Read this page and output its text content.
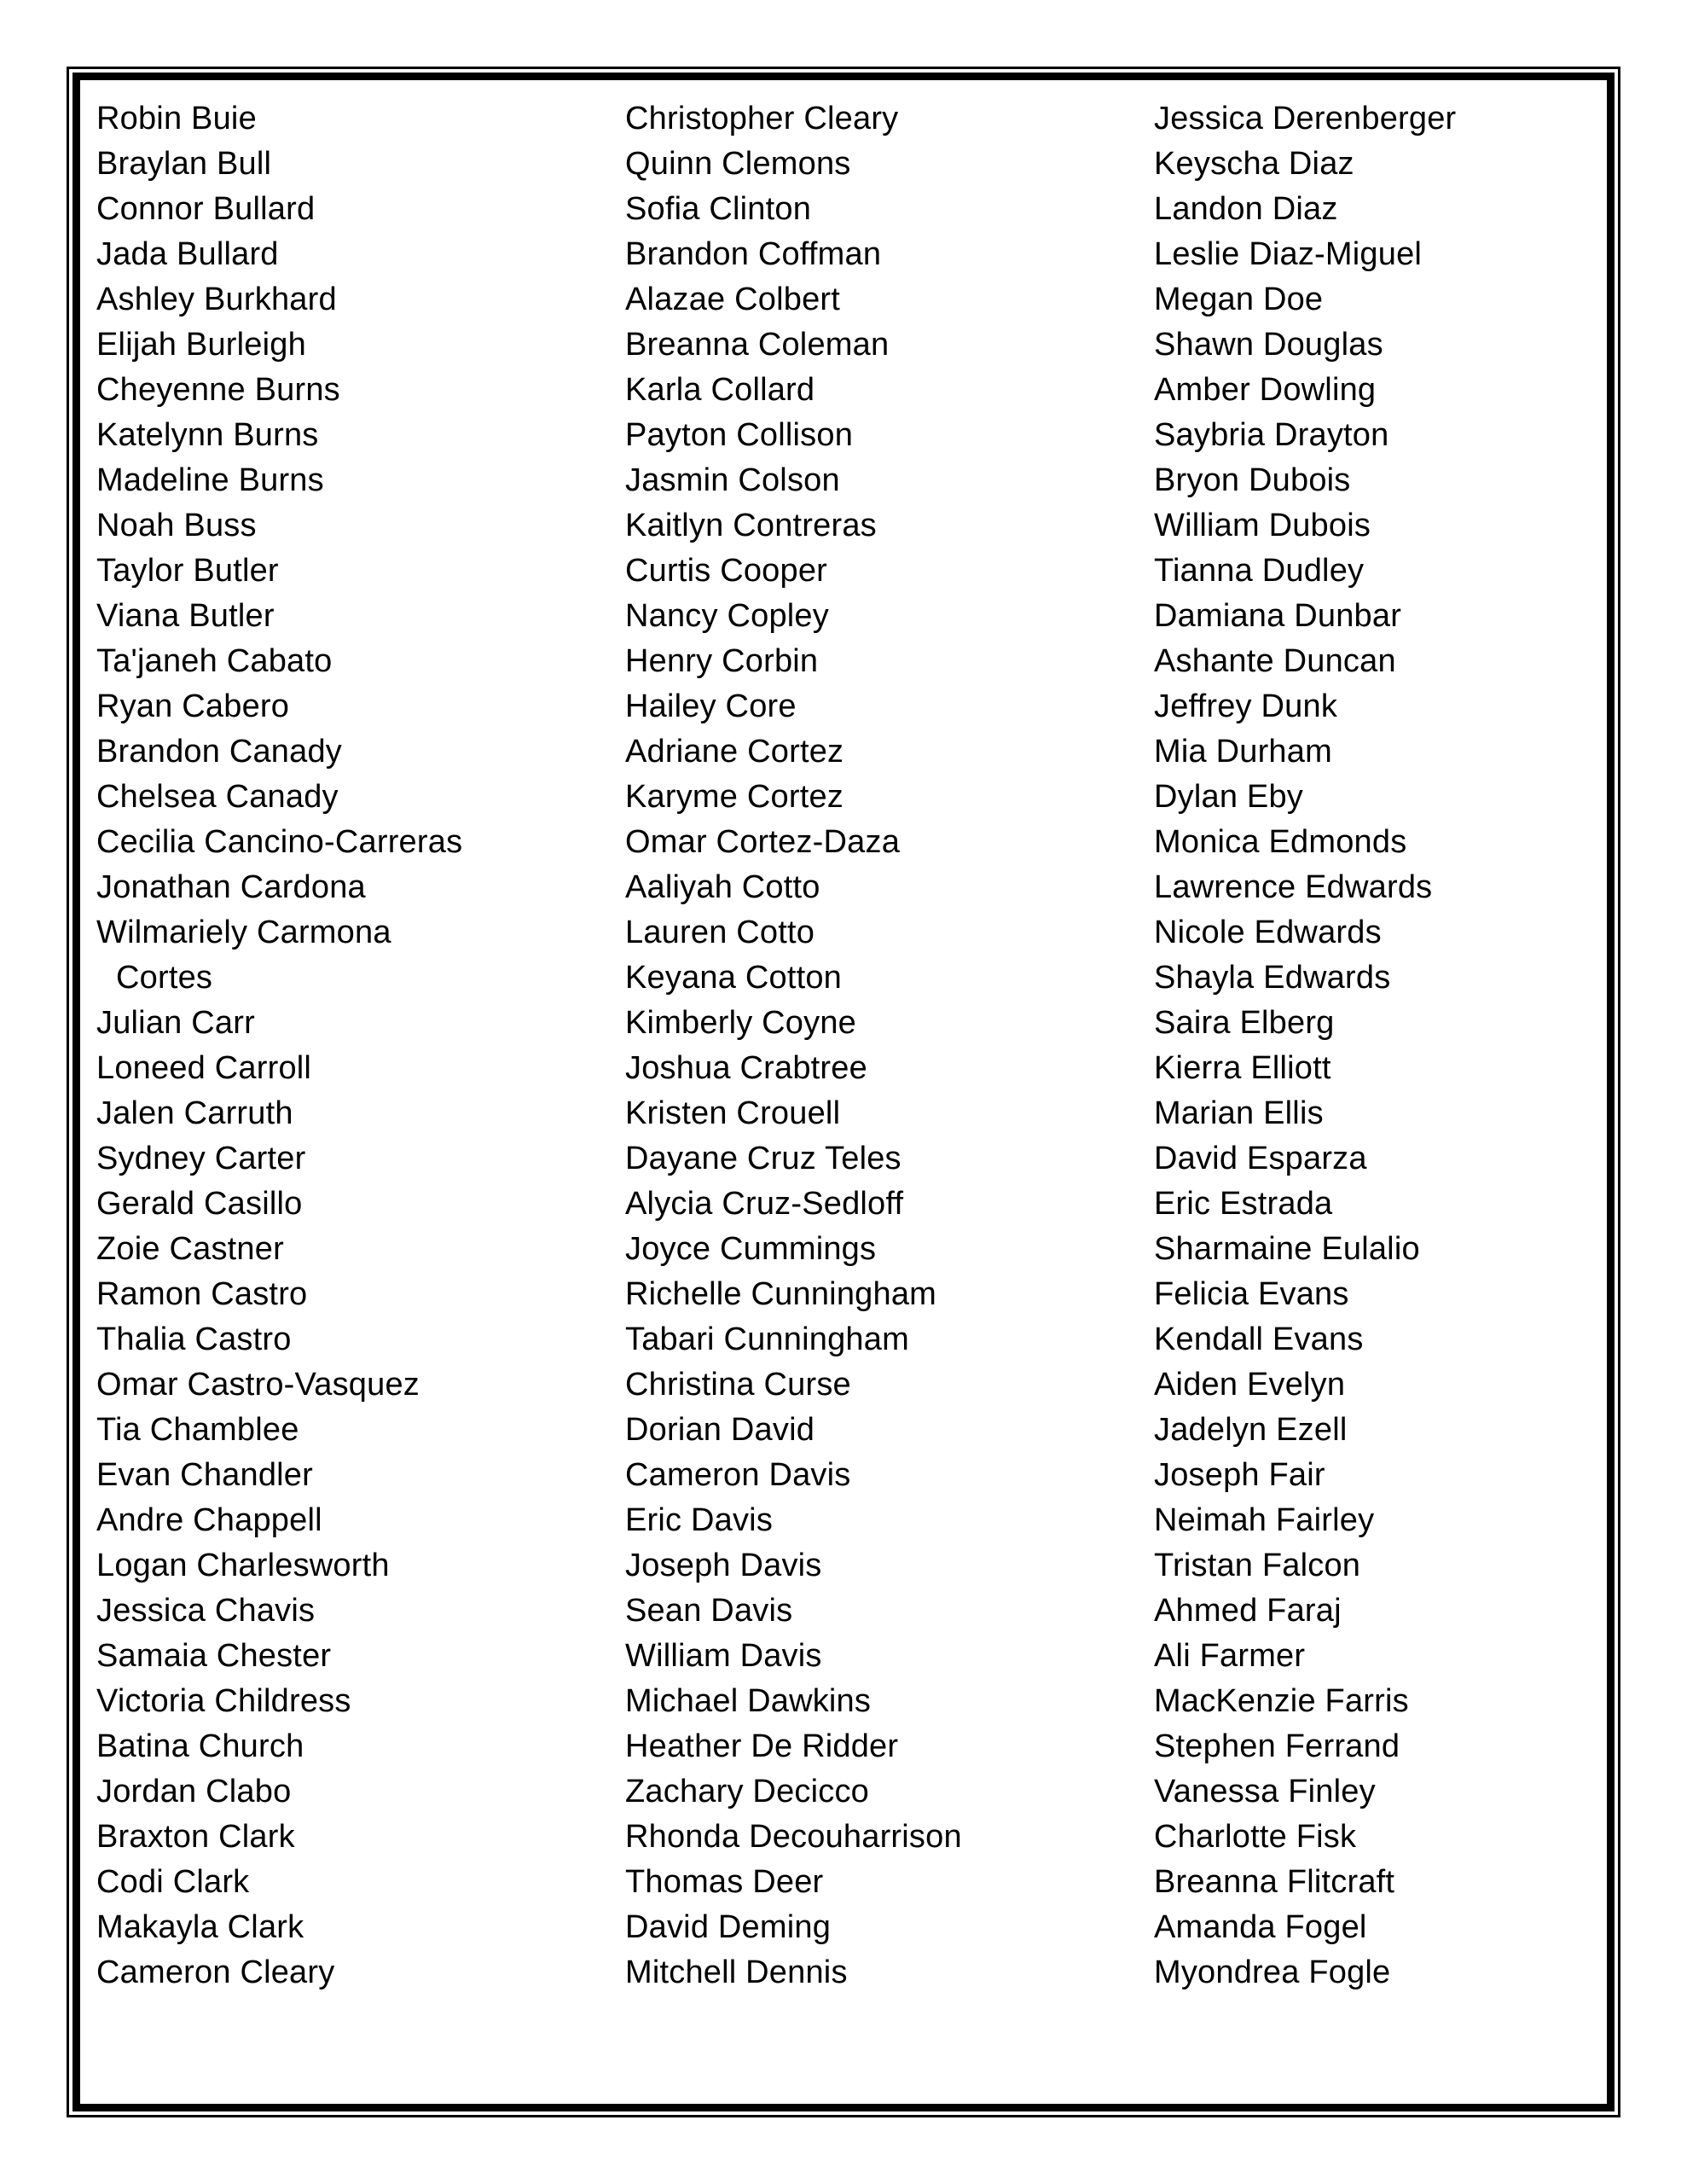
Robin Buie
Braylan Bull
Connor Bullard
Jada Bullard
Ashley Burkhard
Elijah Burleigh
Cheyenne Burns
Katelynn Burns
Madeline Burns
Noah Buss
Taylor Butler
Viana Butler
Ta'janeh Cabato
Ryan Cabero
Brandon Canady
Chelsea Canady
Cecilia Cancino-Carreras
Jonathan Cardona
Wilmariely Carmona
Cortes
Julian Carr
Loneed Carroll
Jalen Carruth
Sydney Carter
Gerald Casillo
Zoie Castner
Ramon Castro
Thalia Castro
Omar Castro-Vasquez
Tia Chamblee
Evan Chandler
Andre Chappell
Logan Charlesworth
Jessica Chavis
Samaia Chester
Victoria Childress
Batina Church
Jordan Clabo
Braxton Clark
Codi Clark
Makayla Clark
Cameron Cleary
Christopher Cleary
Quinn Clemons
Sofia Clinton
Brandon Coffman
Alazae Colbert
Breanna Coleman
Karla Collard
Payton Collison
Jasmin Colson
Kaitlyn Contreras
Curtis Cooper
Nancy Copley
Henry Corbin
Hailey Core
Adriane Cortez
Karyme Cortez
Omar Cortez-Daza
Aaliyah Cotto
Lauren Cotto
Keyana Cotton
Kimberly Coyne
Joshua Crabtree
Kristen Crouell
Dayane Cruz Teles
Alycia Cruz-Sedloff
Joyce Cummings
Richelle Cunningham
Tabari Cunningham
Christina Curse
Dorian David
Cameron Davis
Eric Davis
Joseph Davis
Sean Davis
William Davis
Michael Dawkins
Heather De Ridder
Zachary Decicco
Rhonda Decouharrison
Thomas Deer
David Deming
Mitchell Dennis
Jessica Derenberger
Keyscha Diaz
Landon Diaz
Leslie Diaz-Miguel
Megan Doe
Shawn Douglas
Amber Dowling
Saybria Drayton
Bryon Dubois
William Dubois
Tianna Dudley
Damiana Dunbar
Ashante Duncan
Jeffrey Dunk
Mia Durham
Dylan Eby
Monica Edmonds
Lawrence Edwards
Nicole Edwards
Shayla Edwards
Saira Elberg
Kierra Elliott
Marian Ellis
David Esparza
Eric Estrada
Sharmaine Eulalio
Felicia Evans
Kendall Evans
Aiden Evelyn
Jadelyn Ezell
Joseph Fair
Neimah Fairley
Tristan Falcon
Ahmed Faraj
Ali Farmer
MacKenzie Farris
Stephen Ferrand
Vanessa Finley
Charlotte Fisk
Breanna Flitcraft
Amanda Fogel
Myondrea Fogle
